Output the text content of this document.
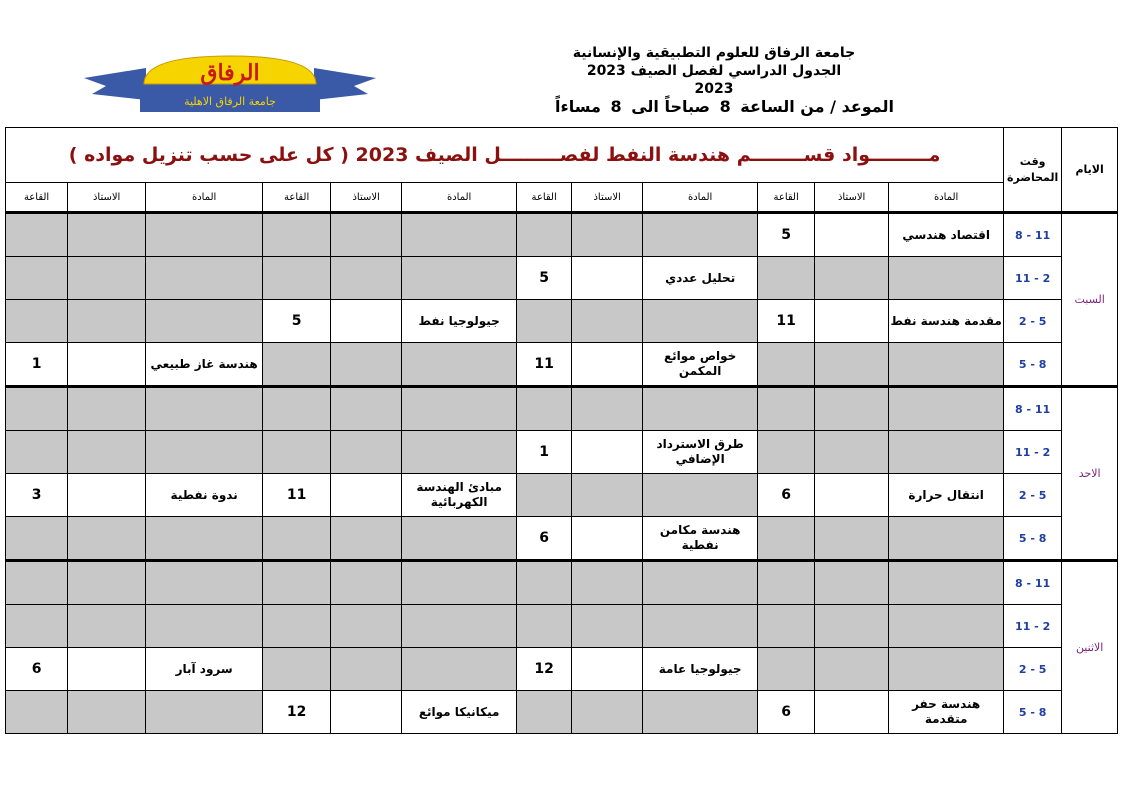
الرفاق
جامعة الرفاق الاهلية
جامعة الرفاق للعلوم التطبيقية والإنسانية
الجدول الدراسي لفصل الصيف 2023
2023
الموعد / من الساعة 8 صباحاً الى 8 مساءاً
الايام	وقت المحاضرة	مـــــــــواد قســــــــم هندسة النفط لفصـــــــــل الصيف 2023 ( كل على حسب تنزيل مواده )											
		المادة	الاستاذ	القاعة	المادة	الاستاذ	القاعة	المادة	الاستاذ	القاعة	المادة	الاستاذ	القاعة
السبت	8 - 11	اقتصاد هندسي		5									
	11 - 2				تحليل عددي		5						
	2 - 5	مقدمة هندسة نفط		11				جيولوجيا نفط		5			
	5 - 8				خواص موائع المكمن		11				هندسة غاز طبيعي		1
الاحد	8 - 11												
	11 - 2				طرق الاسترداد الإضافي		1						
	2 - 5	انتقال حرارة		6				مبادئ الهندسة الكهربائية		11	ندوة نفطية		3
	5 - 8				هندسة مكامن نفطية		6						
الاثنين	8 - 11												
	11 - 2												
	2 - 5				جيولوجيا عامة		12				سرود آبار		6
	5 - 8	هندسة حفر متقدمة		6				ميكانيكا موائع		12			
